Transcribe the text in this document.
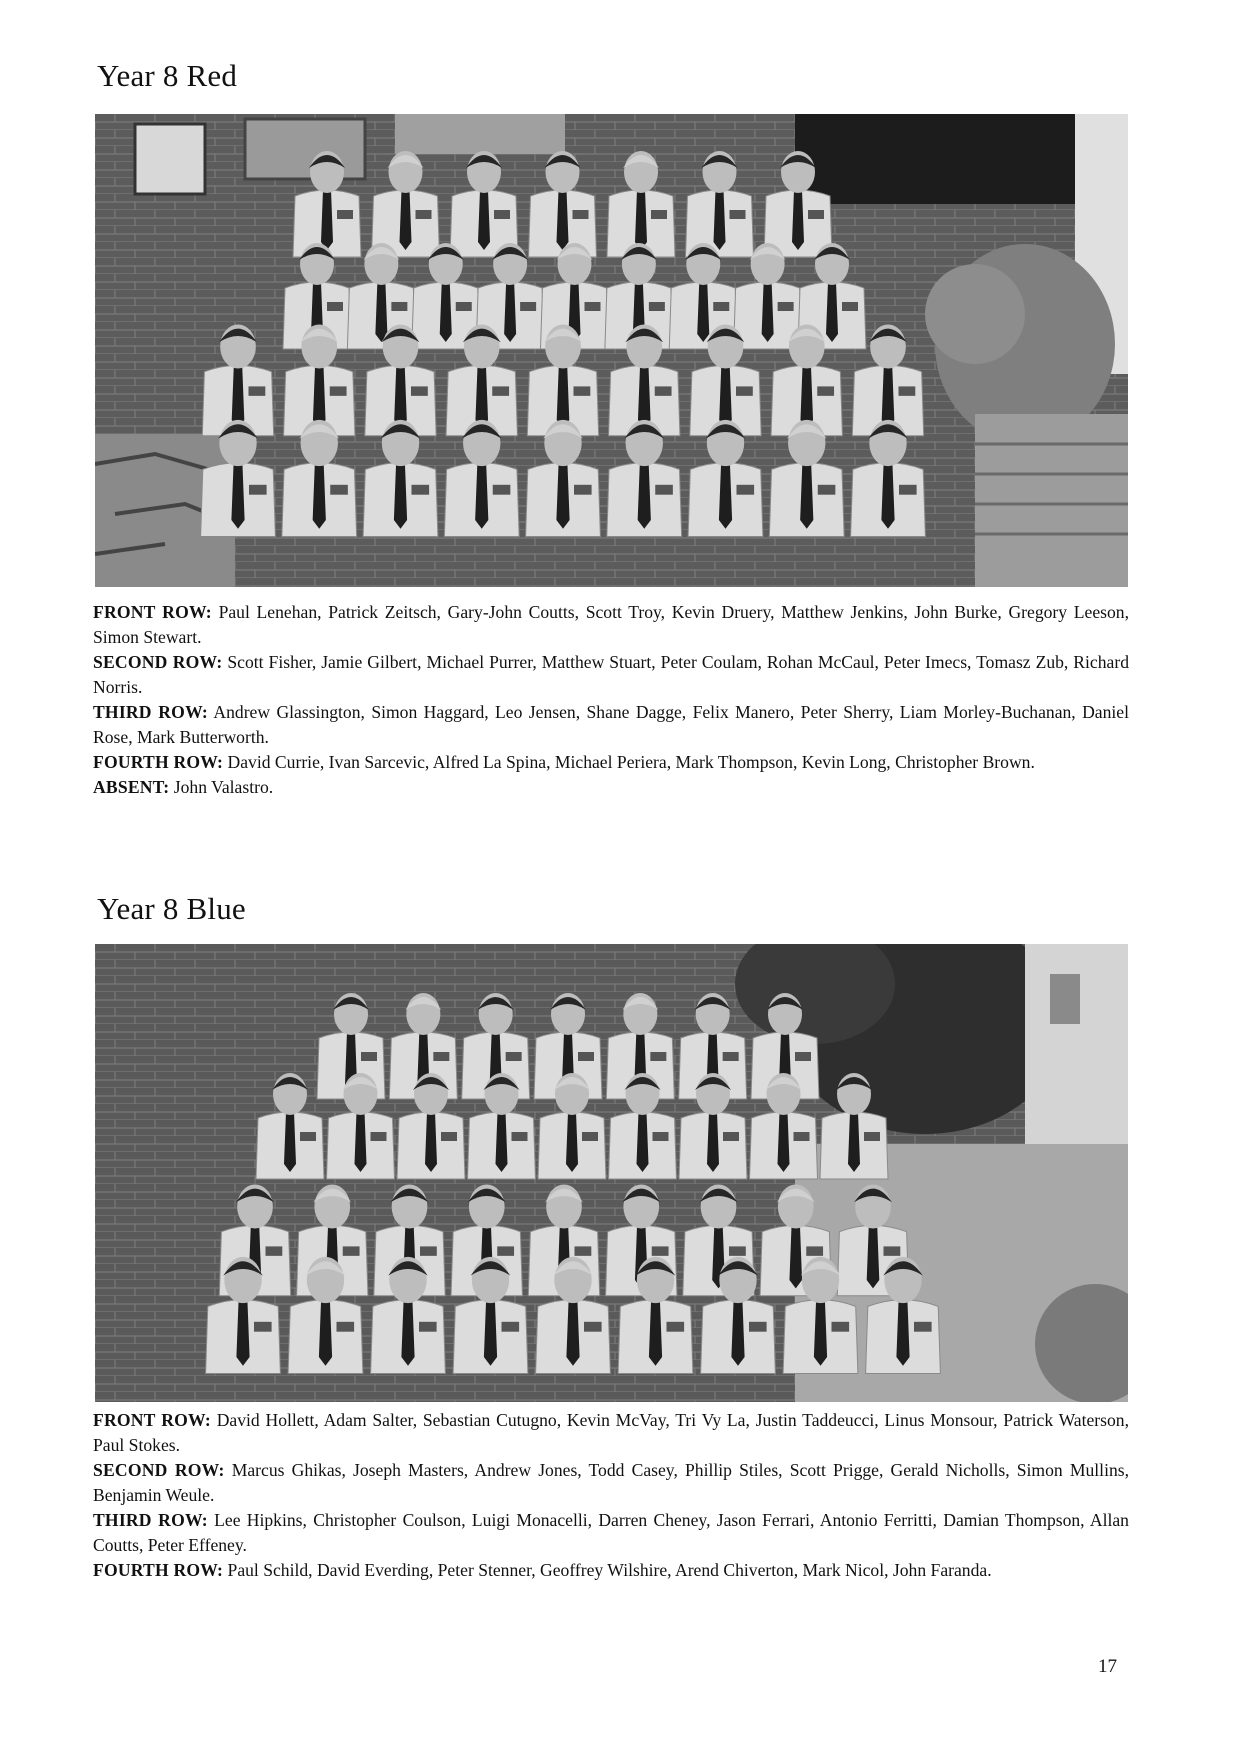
Year 8 Red

FRONT ROW: Paul Lenehan, Patrick Zeitsch, Gary-John Coutts, Scott Troy, Kevin Druery, Matthew Jenkins, John Burke, Gregory Leeson, Simon Stewart.

SECOND ROW: Scott Fisher, Jamie Gilbert, Michael Purrer, Matthew Stuart, Peter Coulam, Rohan McCaul, Peter Imecs, Tomasz Zub, Richard Norris.

THIRD ROW: Andrew Glassington, Simon Haggard, Leo Jensen, Shane Dagge, Felix Manero, Peter Sherry, Liam Morley-Buchanan, Daniel Rose, Mark Butterworth.

FOURTH ROW: David Currie, Ivan Sarcevic, Alfred La Spina, Michael Periera, Mark Thompson, Kevin Long, Christopher Brown.

ABSENT: John Valastro.

Year 8 Blue

FRONT ROW: David Hollett, Adam Salter, Sebastian Cutugno, Kevin McVay, Tri Vy La, Justin Taddeucci, Linus Monsour, Patrick Waterson, Paul Stokes.

SECOND ROW: Marcus Ghikas, Joseph Masters, Andrew Jones, Todd Casey, Phillip Stiles, Scott Prigge, Gerald Nicholls, Simon Mullins, Benjamin Weule.

THIRD ROW: Lee Hipkins, Christopher Coulson, Luigi Monacelli, Darren Cheney, Jason Ferrari, Antonio Ferritti, Damian Thompson, Allan Coutts, Peter Effeney.

FOURTH ROW: Paul Schild, David Everding, Peter Stenner, Geoffrey Wilshire, Arend Chiverton, Mark Nicol, John Faranda.

17
